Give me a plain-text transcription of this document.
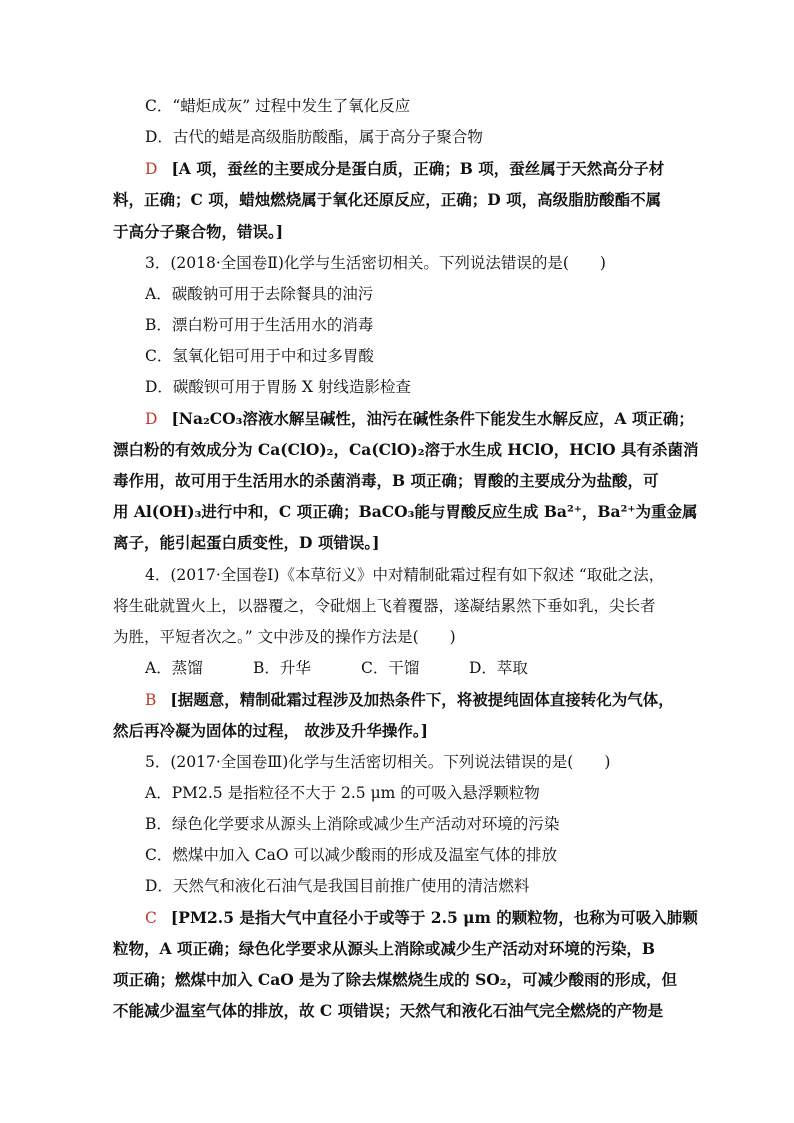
C．“蜡炬成灰” 过程中发生了氧化反应
D．古代的蜡是高级脂肪酸酯，属于高分子聚合物
D [A 项，蚕丝的主要成分是蛋白质，正确；B 项，蚕丝属于天然高分子材
料，正确；C 项，蜡烛燃烧属于氧化还原反应，正确；D 项，高级脂肪酸酯不属
于高分子聚合物，错误。]
3．(2018·全国卷Ⅱ)化学与生活密切相关。下列说法错误的是(　　)
A．碳酸钠可用于去除餐具的油污
B．漂白粉可用于生活用水的消毒
C．氢氧化铝可用于中和过多胃酸
D．碳酸钡可用于胃肠 X 射线造影检查
D [Na₂CO₃溶液水解呈碱性，油污在碱性条件下能发生水解反应，A 项正确；
漂白粉的有效成分为 Ca(ClO)₂，Ca(ClO)₂溶于水生成 HClO，HClO 具有杀菌消
毒作用，故可用于生活用水的杀菌消毒，B 项正确；胃酸的主要成分为盐酸，可
用 Al(OH)₃进行中和，C 项正确；BaCO₃能与胃酸反应生成 Ba²⁺，Ba²⁺为重金属
离子，能引起蛋白质变性，D 项错误。]
4．(2017·全国卷Ⅰ)《本草衍义》中对精制砒霜过程有如下叙述 “取砒之法，
将生砒就置火上，以器覆之，令砒烟上飞着覆器，遂凝结累然下垂如乳，尖长者
为胜，平短者次之。” 文中涉及的操作方法是(　　)
A．蒸馏	B．升华	C．干馏	D．萃取
B [据题意，精制砒霜过程涉及加热条件下，将被提纯固体直接转化为气体，
然后再冷凝为固体的过程， 故涉及升华操作。]
5．(2017·全国卷Ⅲ)化学与生活密切相关。下列说法错误的是(　　)
A．PM2.5 是指粒径不大于 2.5 μm 的可吸入悬浮颗粒物
B．绿色化学要求从源头上消除或减少生产活动对环境的污染
C．燃煤中加入 CaO 可以减少酸雨的形成及温室气体的排放
D．天然气和液化石油气是我国目前推广使用的清洁燃料
C [PM2.5 是指大气中直径小于或等于 2.5 μm 的颗粒物，也称为可吸入肺颗
粒物，A 项正确；绿色化学要求从源头上消除或减少生产活动对环境的污染，B
项正确；燃煤中加入 CaO 是为了除去煤燃烧生成的 SO₂，可减少酸雨的形成，但
不能减少温室气体的排放，故 C 项错误；天然气和液化石油气完全燃烧的产物是
